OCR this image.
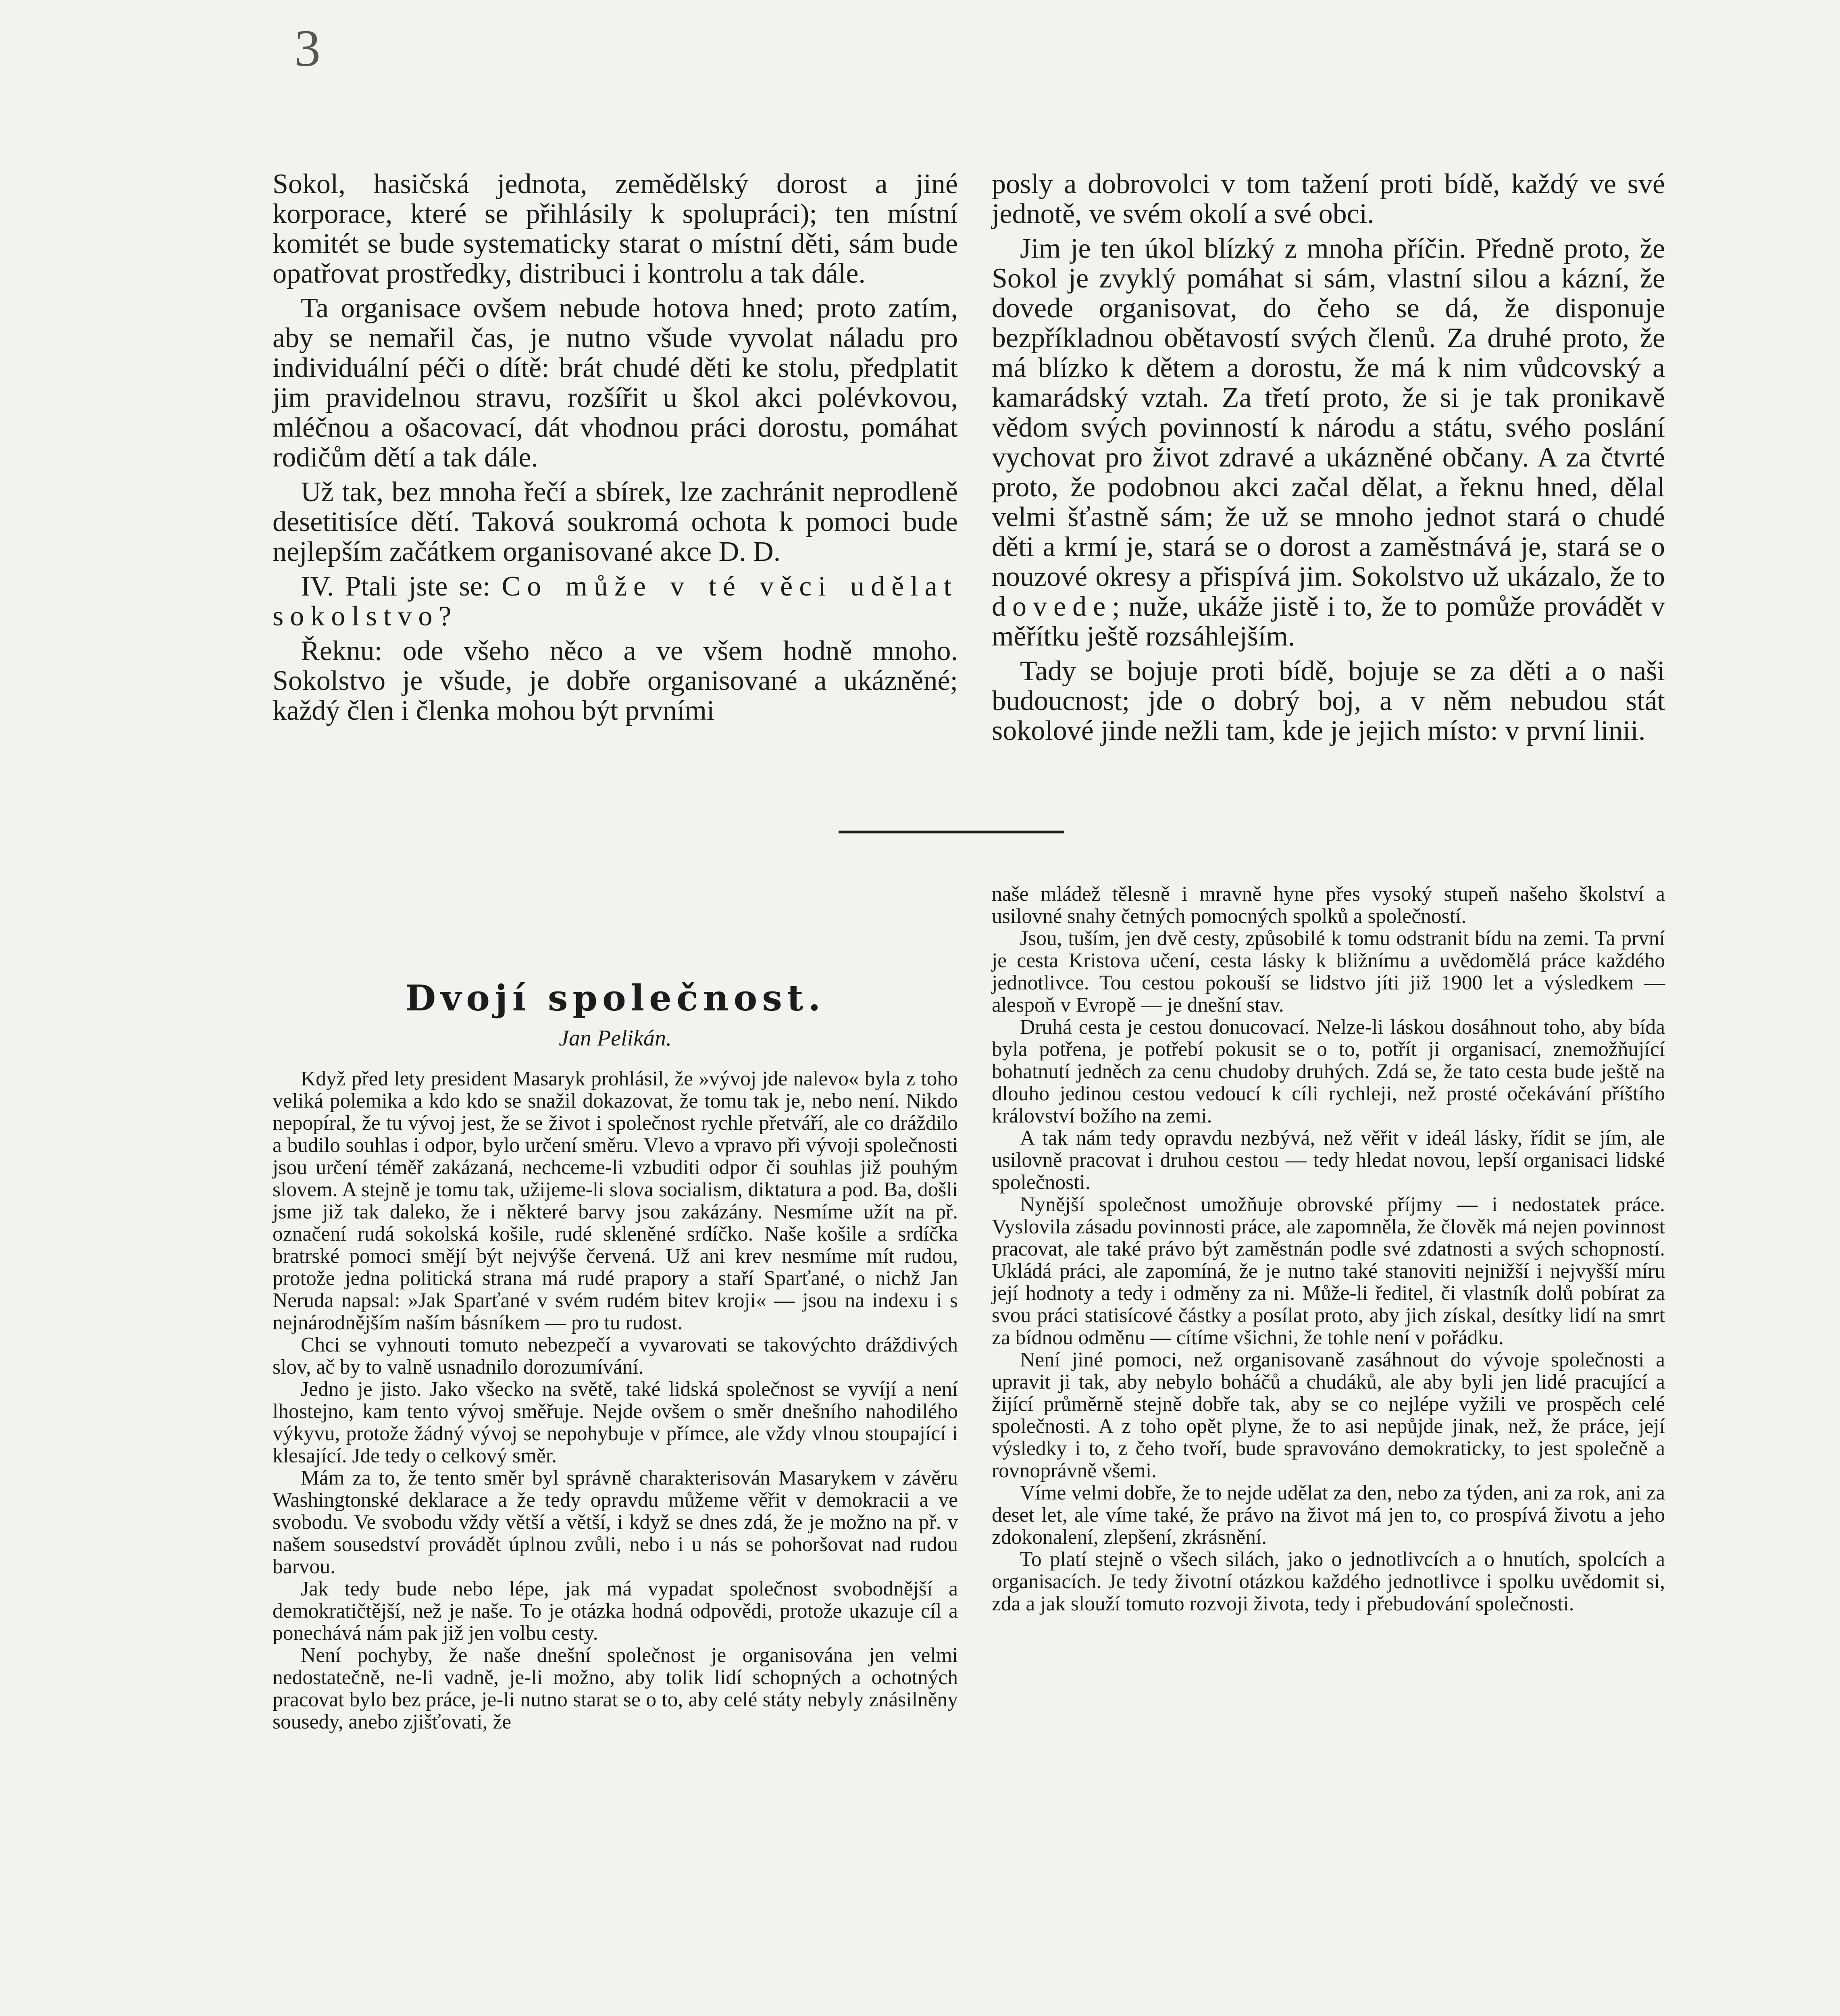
3

Sokol, hasičská jednota, zemědělský dorost a jiné korporace, které se přihlásily k spolupráci); ten místní komitét se bude systematicky starat o místní děti, sám bude opatřovat prostředky, distribuci i kontrolu a tak dále.

Ta organisace ovšem nebude hotova hned; proto zatím, aby se nemařil čas, je nutno všude vyvolat náladu pro individuální péči o dítě: brát chudé děti ke stolu, předplatit jim pravidelnou stravu, rozšířit u škol akci polévkovou, mléčnou a ošacovací, dát vhodnou práci dorostu, pomáhat rodičům dětí a tak dále.

Už tak, bez mnoha řečí a sbírek, lze zachránit neprodleně desetitisíce dětí. Taková soukromá ochota k pomoci bude nejlepším začátkem organisované akce D. D.

IV. Ptali jste se: Co může v té věci udělat sokolstvo?

Řeknu: ode všeho něco a ve všem hodně mnoho. Sokolstvo je všude, je dobře organisované a ukázněné; každý člen i členka mohou být prvními

posly a dobrovolci v tom tažení proti bídě, každý ve své jednotě, ve svém okolí a své obci.

Jim je ten úkol blízký z mnoha příčin. Předně proto, že Sokol je zvyklý pomáhat si sám, vlastní silou a kázní, že dovede organisovat, do čeho se dá, že disponuje bezpříkladnou obětavostí svých členů. Za druhé proto, že má blízko k dětem a dorostu, že má k nim vůdcovský a kamarádský vztah. Za třetí proto, že si je tak pronikavě vědom svých povinností k národu a státu, svého poslání vychovat pro život zdravé a ukázněné občany. A za čtvrté proto, že podobnou akci začal dělat, a řeknu hned, dělal velmi šťastně sám; že už se mnoho jednot stará o chudé děti a krmí je, stará se o dorost a zaměstnává je, stará se o nouzové okresy a přispívá jim. Sokolstvo už ukázalo, že to dovede; nuže, ukáže jistě i to, že to pomůže provádět v měřítku ještě rozsáhlejším.

Tady se bojuje proti bídě, bojuje se za děti a o naši budoucnost; jde o dobrý boj, a v něm nebudou stát sokolové jinde nežli tam, kde je jejich místo: v první linii.

Dvojí společnost.
Jan Pelikán.

Když před lety president Masaryk prohlásil, že »vývoj jde nalevo« byla z toho veliká polemika a kdo kdo se snažil dokazovat, že tomu tak je, nebo není. Nikdo nepopíral, že tu vývoj jest, že se život i společnost rychle přetváří, ale co dráždilo a budilo souhlas i odpor, bylo určení směru. Vlevo a vpravo při vývoji společnosti jsou určení téměř zakázaná, nechceme-li vzbuditi odpor či souhlas již pouhým slovem. A stejně je tomu tak, užijeme-li slova socialism, diktatura a pod. Ba, došli jsme již tak daleko, že i některé barvy jsou zakázány. Nesmíme užít na př. označení rudá sokolská košile, rudé skleněné srdíčko. Naše košile a srdíčka bratrské pomoci smějí být nejvýše červená. Už ani krev nesmíme mít rudou, protože jedna politická strana má rudé prapory a staří Sparťané, o nichž Jan Neruda napsal: »Jak Sparťané v svém rudém bitev kroji« — jsou na indexu i s nejnárodnějším naším básníkem — pro tu rudost.

Chci se vyhnouti tomuto nebezpečí a vyvarovati se takovýchto dráždivých slov, ač by to valně usnadnilo dorozumívání.

Jedno je jisto. Jako všecko na světě, také lidská společnost se vyvíjí a není lhostejno, kam tento vývoj směřuje. Nejde ovšem o směr dnešního nahodilého výkyvu, protože žádný vývoj se nepohybuje v přímce, ale vždy vlnou stoupající i klesající. Jde tedy o celkový směr.

Mám za to, že tento směr byl správně charakterisován Masarykem v závěru Washingtonské deklarace a že tedy opravdu můžeme věřit v demokracii a ve svobodu. Ve svobodu vždy větší a větší, i když se dnes zdá, že je možno na př. v našem sousedství provádět úplnou zvůli, nebo i u nás se pohoršovat nad rudou barvou.

Jak tedy bude nebo lépe, jak má vypadat společnost svobodnější a demokratičtější, než je naše. To je otázka hodná odpovědi, protože ukazuje cíl a ponechává nám pak již jen volbu cesty.

Není pochyby, že naše dnešní společnost je organisována jen velmi nedostatečně, ne-li vadně, je-li možno, aby tolik lidí schopných a ochotných pracovat bylo bez práce, je-li nutno starat se o to, aby celé státy nebyly znásilněny sousedy, anebo zjišťovati, že

naše mládež tělesně i mravně hyne přes vysoký stupeň našeho školství a usilovné snahy četných pomocných spolků a společností.

Jsou, tuším, jen dvě cesty, způsobilé k tomu odstranit bídu na zemi. Ta první je cesta Kristova učení, cesta lásky k bližnímu a uvědomělá práce každého jednotlivce. Tou cestou pokouší se lidstvo jíti již 1900 let a výsledkem — alespoň v Evropě — je dnešní stav.

Druhá cesta je cestou donucovací. Nelze-li láskou dosáhnout toho, aby bída byla potřena, je potřebí pokusit se o to, potřít ji organisací, znemožňující bohatnutí jedněch za cenu chudoby druhých. Zdá se, že tato cesta bude ještě na dlouho jedinou cestou vedoucí k cíli rychleji, než prosté očekávání příštího království božího na zemi.

A tak nám tedy opravdu nezbývá, než věřit v ideál lásky, řídit se jím, ale usilovně pracovat i druhou cestou — tedy hledat novou, lepší organisaci lidské společnosti.

Nynější společnost umožňuje obrovské příjmy — i nedostatek práce. Vyslovila zásadu povinnosti práce, ale zapomněla, že člověk má nejen povinnost pracovat, ale také právo být zaměstnán podle své zdatnosti a svých schopností. Ukládá práci, ale zapomíná, že je nutno také stanoviti nejnižší i nejvyšší míru její hodnoty a tedy i odměny za ni. Může-li ředitel, či vlastník dolů pobírat za svou práci statisícové částky a posílat proto, aby jich získal, desítky lidí na smrt za bídnou odměnu — cítíme všichni, že tohle není v pořádku.

Není jiné pomoci, než organisovaně zasáhnout do vývoje společnosti a upravit ji tak, aby nebylo boháčů a chudáků, ale aby byli jen lidé pracující a žijící průměrně stejně dobře tak, aby se co nejlépe vyžili ve prospěch celé společnosti. A z toho opět plyne, že to asi nepůjde jinak, než, že práce, její výsledky i to, z čeho tvoří, bude spravováno demokraticky, to jest společně a rovnoprávně všemi.

Víme velmi dobře, že to nejde udělat za den, nebo za týden, ani za rok, ani za deset let, ale víme také, že právo na život má jen to, co prospívá životu a jeho zdokonalení, zlepšení, zkrásnění.

To platí stejně o všech silách, jako o jednotlivcích a o hnutích, spolcích a organisacích. Je tedy životní otázkou každého jednotlivce i spolku uvědomit si, zda a jak slouží tomuto rozvoji života, tedy i přebudování společnosti.
